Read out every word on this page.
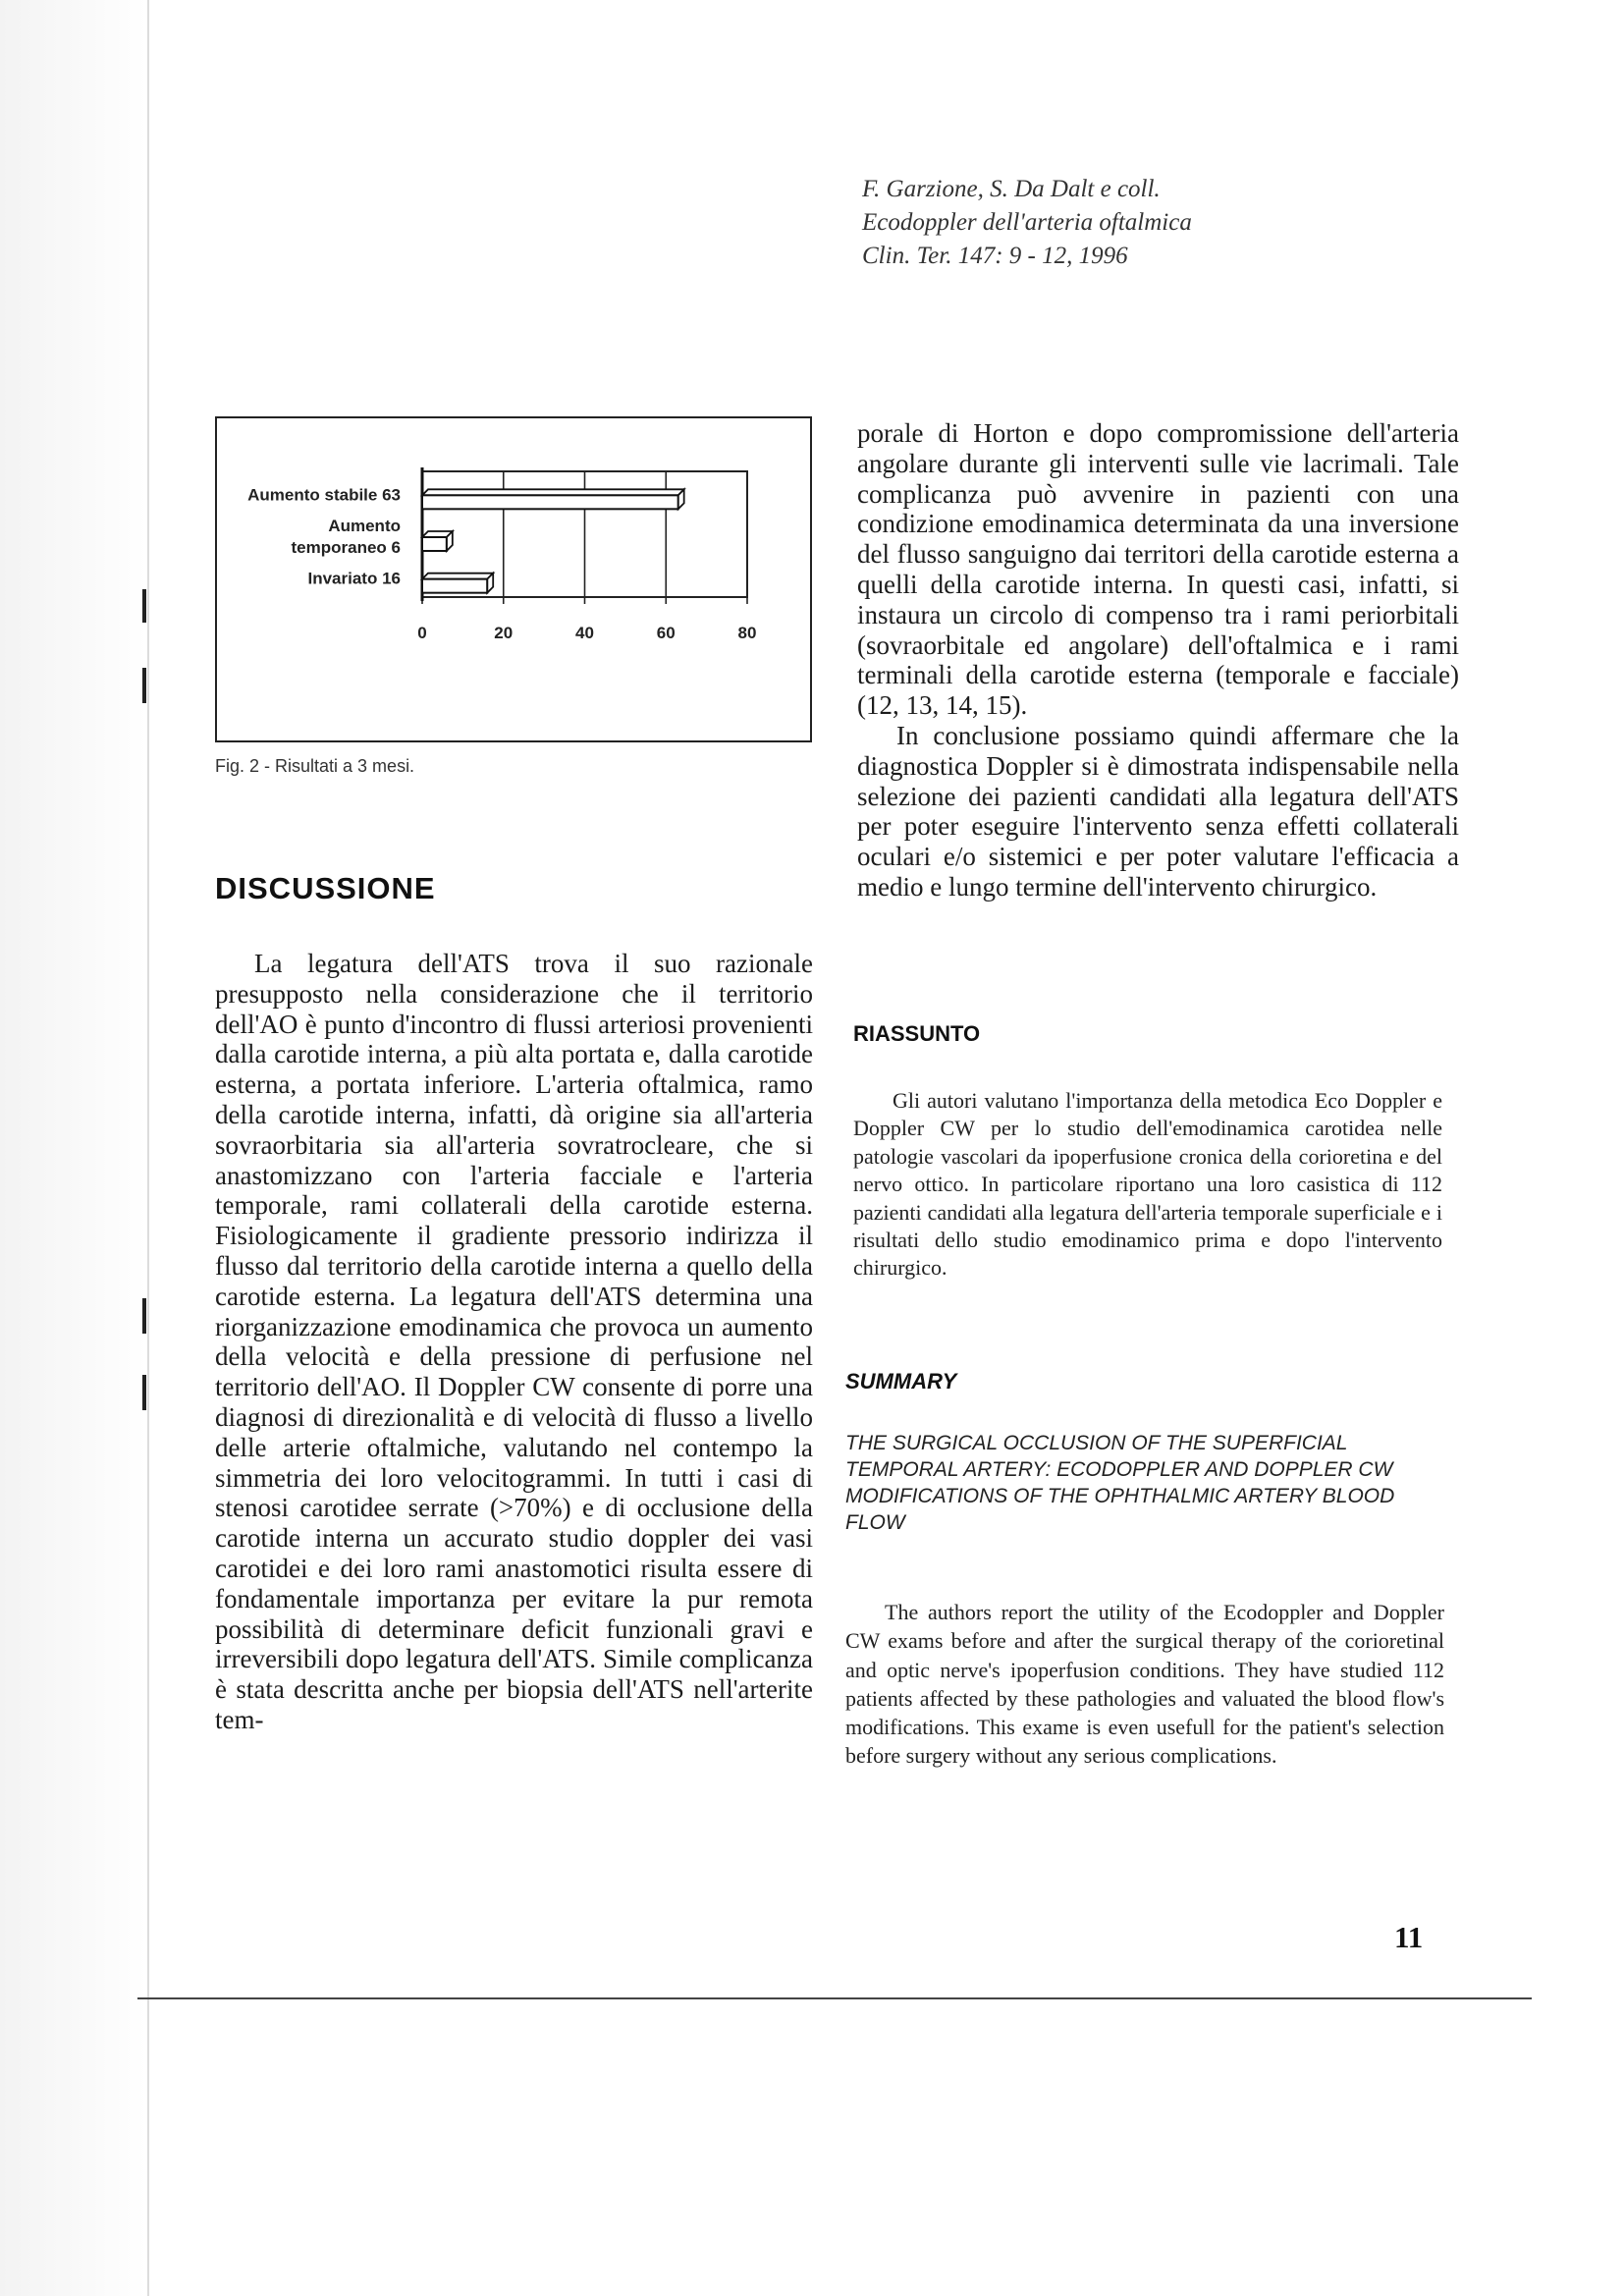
F. Garzione, S. Da Dalt e coll.
Ecodoppler dell'arteria oftalmica
Clin. Ter. 147: 9 - 12, 1996
0	20	40	60	80
Aumento stabile 63
Aumento
temporaneo 6
Invariato 16
Fig. 2 - Risultati a 3 mesi.
DISCUSSIONE

La legatura dell'ATS trova il suo razionale presupposto nella considerazione che il territorio dell'AO è punto d'incontro di flussi arteriosi provenienti dalla carotide interna, a più alta portata e, dalla carotide esterna, a portata inferiore. L'arteria oftalmica, ramo della carotide interna, infatti, dà origine sia all'arteria sovraorbitaria sia all'arteria sovratrocleare, che si anastomizzano con l'arteria facciale e l'arteria temporale, rami collaterali della carotide esterna. Fisiologicamente il gradiente pressorio indirizza il flusso dal territorio della carotide interna a quello della carotide esterna. La legatura dell'ATS determina una riorganizzazione emodinamica che provoca un aumento della velocità e della pressione di perfusione nel territorio dell'AO. Il Doppler CW consente di porre una diagnosi di direzionalità e di velocità di flusso a livello delle arterie oftalmiche, valutando nel contempo la simmetria dei loro velocitogrammi. In tutti i casi di stenosi carotidee serrate (>70%) e di occlusione della carotide interna un accurato studio doppler dei vasi carotidei e dei loro rami anastomotici risulta essere di fondamentale importanza per evitare la pur remota possibilità di determinare deficit funzionali gravi e irreversibili dopo legatura dell'ATS. Simile complicanza è stata descritta anche per biopsia dell'ATS nell'arterite tem-

porale di Horton e dopo compromissione dell'arteria angolare durante gli interventi sulle vie lacrimali. Tale complicanza può avvenire in pazienti con una condizione emodinamica determinata da una inversione del flusso sanguigno dai territori della carotide esterna a quelli della carotide interna. In questi casi, infatti, si instaura un circolo di compenso tra i rami periorbitali (sovraorbitale ed angolare) dell'oftalmica e i rami terminali della carotide esterna (temporale e facciale) (12, 13, 14, 15).

In conclusione possiamo quindi affermare che la diagnostica Doppler si è dimostrata indispensabile nella selezione dei pazienti candidati alla legatura dell'ATS per poter eseguire l'intervento senza effetti collaterali oculari e/o sistemici e per poter valutare l'efficacia a medio e lungo termine dell'intervento chirurgico.

RIASSUNTO

Gli autori valutano l'importanza della metodica Eco Doppler e Doppler CW per lo studio dell'emodinamica carotidea nelle patologie vascolari da ipoperfusione cronica della corioretina e del nervo ottico. In particolare riportano una loro casistica di 112 pazienti candidati alla legatura dell'arteria temporale superficiale e i risultati dello studio emodinamico prima e dopo l'intervento chirurgico.

SUMMARY
THE SURGICAL OCCLUSION OF THE SUPERFICIAL TEMPORAL ARTERY: ECODOPPLER AND DOPPLER CW MODIFICATIONS OF THE OPHTHALMIC ARTERY BLOOD FLOW

The authors report the utility of the Ecodoppler and Doppler CW exams before and after the surgical therapy of the corioretinal and optic nerve's ipoperfusion conditions. They have studied 112 patients affected by these pathologies and valuated the blood flow's modifications. This exame is even usefull for the patient's selection before surgery without any serious complications.

11
